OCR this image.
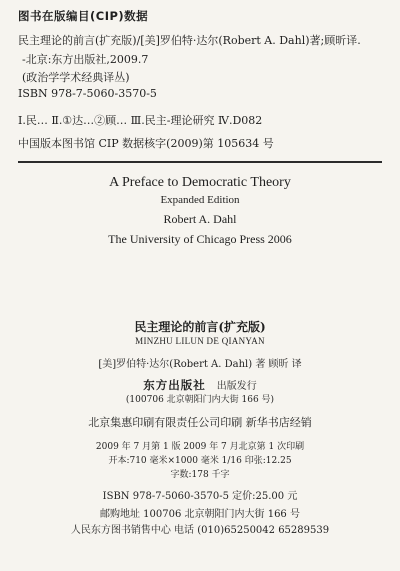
图书在版编目(CIP)数据
民主理论的前言(扩充版)/[美]罗伯特·达尔(Robert A. Dahl)著;顾昕译.
-北京:东方出版社,2009.7
(政治学学术经典译丛)
ISBN 978-7-5060-3570-5
Ⅰ.民… Ⅱ.①达…②顾… Ⅲ.民主-理论研究 Ⅳ.D082
中国版本图书馆 CIP 数据核字(2009)第 105634 号
A Preface to Democratic Theory
Expanded Edition
Robert A. Dahl
The University of Chicago Press 2006
民主理论的前言(扩充版)
MINZHU LILUN DE QIANYAN
[美]罗伯特·达尔(Robert A. Dahl) 著 顾昕 译
东方出版社 出版发行
(100706 北京朝阳门内大街 166 号)
北京集惠印刷有限责任公司印刷 新华书店经销
2009 年 7 月第 1 版 2009 年 7 月北京第 1 次印刷
开本:710 毫米×1000 毫米 1/16 印张:12.25
字数:178 千字
ISBN 978-7-5060-3570-5 定价:25.00 元
邮购地址 100706 北京朝阳门内大街 166 号
人民东方图书销售中心 电话 (010)65250042 65289539
